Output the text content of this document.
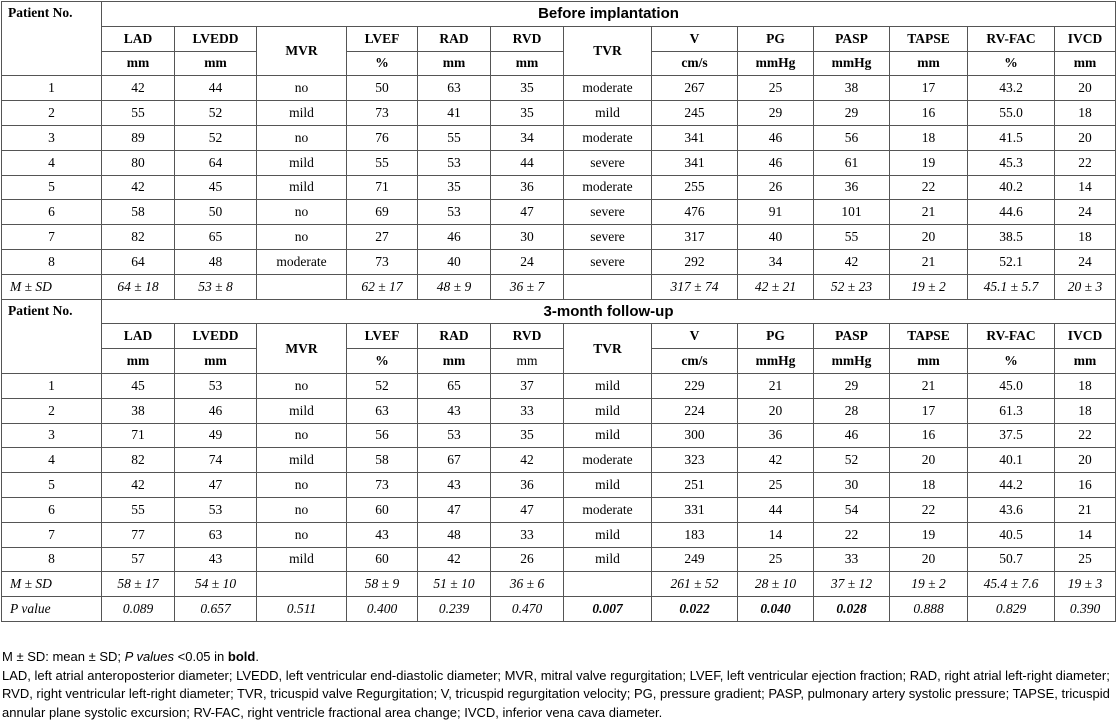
Patient No.	Before implantation												
	LAD	LVEDD	MVR	LVEF	RAD	RVD	TVR	V	PG	PASP	TAPSE	RV-FAC	IVCD
	mm	mm		%	mm	mm		cm/s	mmHg	mmHg	mm	%	mm
1	42	44	no	50	63	35	moderate	267	25	38	17	43.2	20
2	55	52	mild	73	41	35	mild	245	29	29	16	55.0	18
3	89	52	no	76	55	34	moderate	341	46	56	18	41.5	20
4	80	64	mild	55	53	44	severe	341	46	61	19	45.3	22
5	42	45	mild	71	35	36	moderate	255	26	36	22	40.2	14
6	58	50	no	69	53	47	severe	476	91	101	21	44.6	24
7	82	65	no	27	46	30	severe	317	40	55	20	38.5	18
8	64	48	moderate	73	40	24	severe	292	34	42	21	52.1	24
M ± SD	64 ± 18	53 ± 8		62 ± 17	48 ± 9	36 ± 7		317 ± 74	42 ± 21	52 ± 23	19 ± 2	45.1 ± 5.7	20 ± 3
Patient No.	3-month follow-up												
	LAD	LVEDD	MVR	LVEF	RAD	RVD	TVR	V	PG	PASP	TAPSE	RV-FAC	IVCD
	mm	mm		%	mm	mm		cm/s	mmHg	mmHg	mm	%	mm
1	45	53	no	52	65	37	mild	229	21	29	21	45.0	18
2	38	46	mild	63	43	33	mild	224	20	28	17	61.3	18
3	71	49	no	56	53	35	mild	300	36	46	16	37.5	22
4	82	74	mild	58	67	42	moderate	323	42	52	20	40.1	20
5	42	47	no	73	43	36	mild	251	25	30	18	44.2	16
6	55	53	no	60	47	47	moderate	331	44	54	22	43.6	21
7	77	63	no	43	48	33	mild	183	14	22	19	40.5	14
8	57	43	mild	60	42	26	mild	249	25	33	20	50.7	25
M ± SD	58 ± 17	54 ± 10		58 ± 9	51 ± 10	36 ± 6		261 ± 52	28 ± 10	37 ± 12	19 ± 2	45.4 ± 7.6	19 ± 3
P value	0.089	0.657	0.511	0.400	0.239	0.470	0.007	0.022	0.040	0.028	0.888	0.829	0.390

M ± SD: mean ± SD; P values <0.05 in bold.

LAD, left atrial anteroposterior diameter; LVEDD, left ventricular end-diastolic diameter; MVR, mitral valve regurgitation; LVEF, left ventricular ejection fraction; RAD, right atrial left-right diameter; RVD, right ventricular left-right diameter; TVR, tricuspid valve Regurgitation; V, tricuspid regurgitation velocity; PG, pressure gradient; PASP, pulmonary artery systolic pressure; TAPSE, tricuspid annular plane systolic excursion; RV-FAC, right ventricle fractional area change; IVCD, inferior vena cava diameter.
